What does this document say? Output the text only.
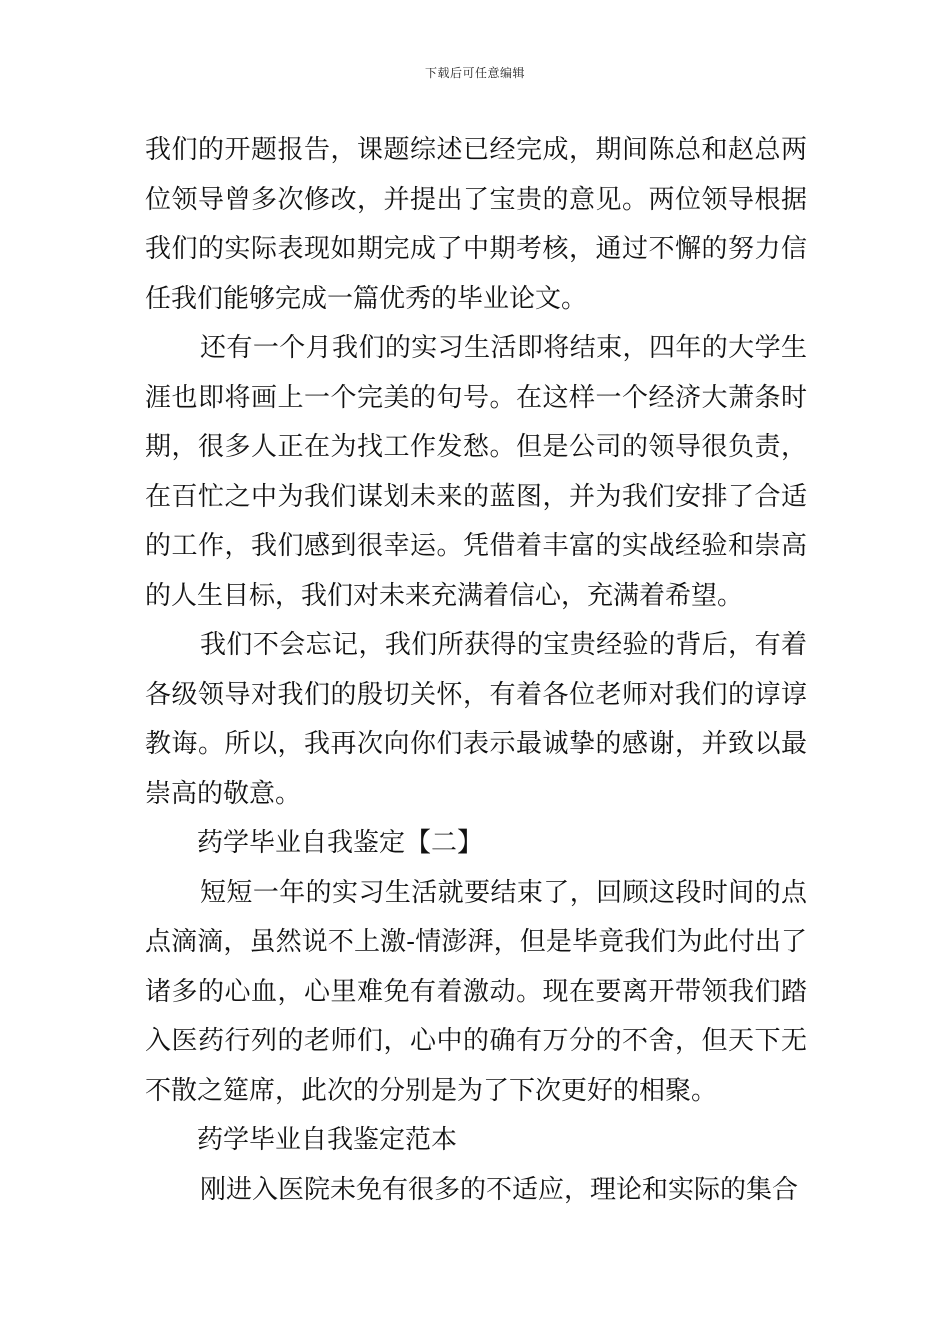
下载后可任意编辑

我们的开题报告，课题综述已经完成，期间陈总和赵总两位领导曾多次修改，并提出了宝贵的意见。两位领导根据我们的实际表现如期完成了中期考核，通过不懈的努力信任我们能够完成一篇优秀的毕业论文。

还有一个月我们的实习生活即将结束，四年的大学生涯也即将画上一个完美的句号。在这样一个经济大萧条时期，很多人正在为找工作发愁。但是公司的领导很负责，在百忙之中为我们谋划未来的蓝图，并为我们安排了合适的工作，我们感到很幸运。凭借着丰富的实战经验和崇高的人生目标，我们对未来充满着信心，充满着希望。

我们不会忘记，我们所获得的宝贵经验的背后，有着各级领导对我们的殷切关怀，有着各位老师对我们的谆谆教诲。所以，我再次向你们表示最诚挚的感谢，并致以最崇高的敬意。

药学毕业自我鉴定【二】

短短一年的实习生活就要结束了，回顾这段时间的点点滴滴，虽然说不上激-情澎湃，但是毕竟我们为此付出了诸多的心血，心里难免有着激动。现在要离开带领我们踏入医药行列的老师们，心中的确有万分的不舍，但天下无不散之筵席，此次的分别是为了下次更好的相聚。

药学毕业自我鉴定范本

刚进入医院未免有很多的不适应，理论和实际的集合
